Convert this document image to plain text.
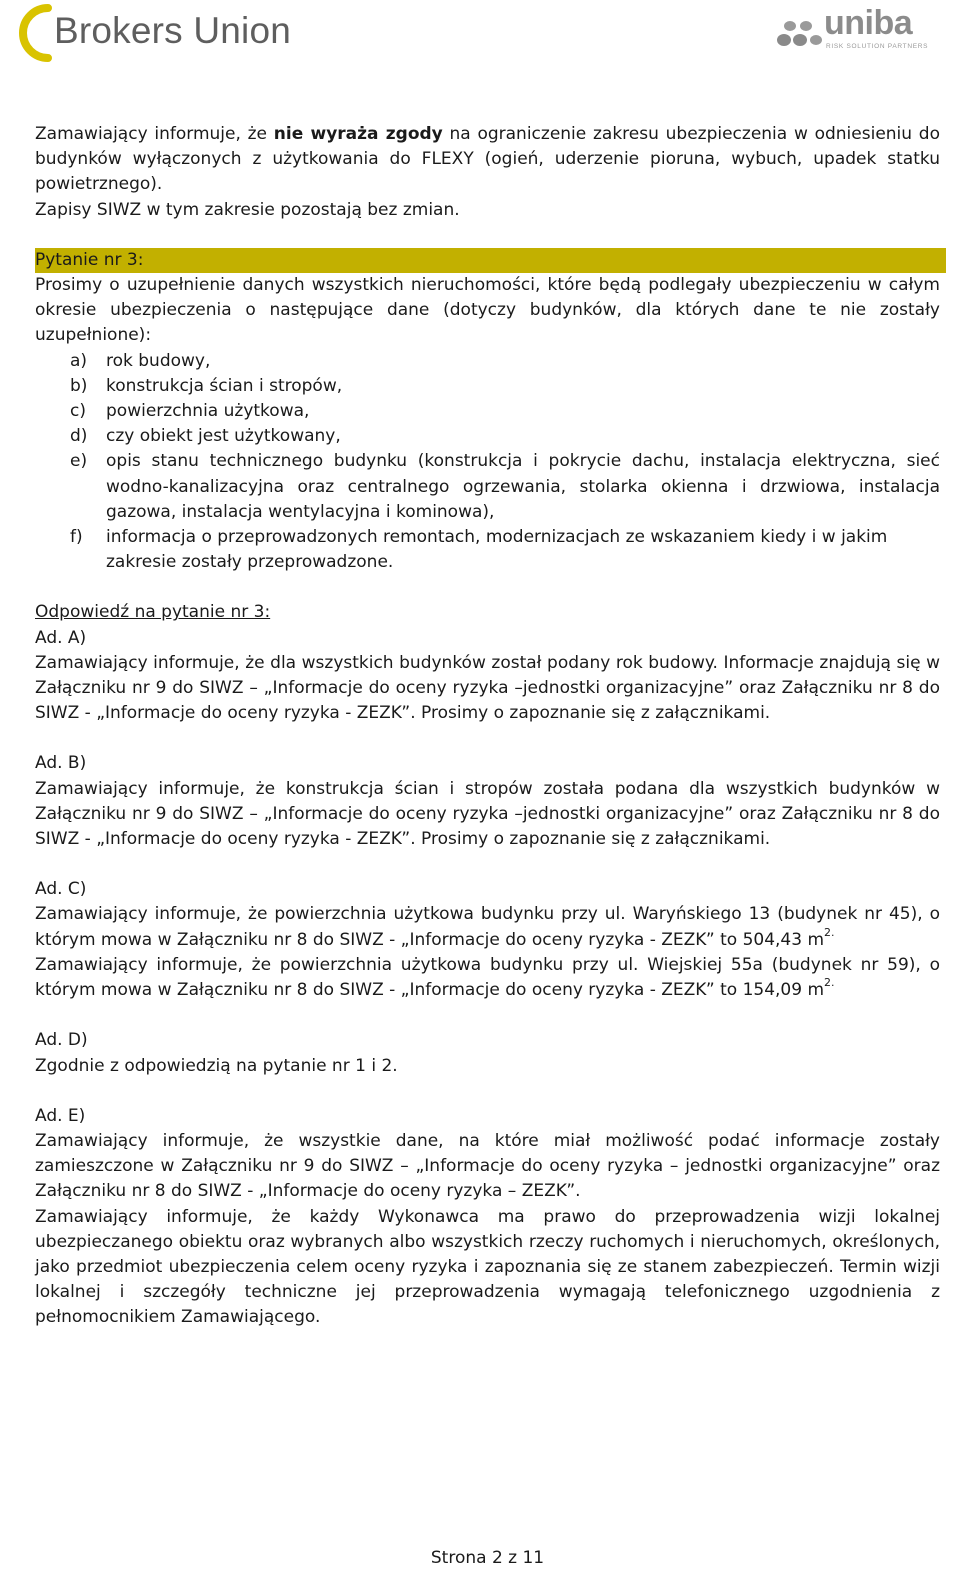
Brokers Union	uniba
RISK SOLUTION PARTNERS

Zamawiający informuje, że nie wyraża zgody na ograniczenie zakresu ubezpieczenia w odniesieniu do budynków wyłączonych z użytkowania do FLEXY (ogień, uderzenie pioruna, wybuch, upadek statku powietrznego).

Zapisy SIWZ w tym zakresie pozostają bez zmian.

Pytanie nr 3:

Prosimy o uzupełnienie danych wszystkich nieruchomości, które będą podlegały ubezpieczeniu w całym okresie ubezpieczenia o następujące dane (dotyczy budynków, dla których dane te nie zostały uzupełnione):

a) rok budowy,
b) konstrukcja ścian i stropów,
c) powierzchnia użytkowa,
d) czy obiekt jest użytkowany,
e) opis stanu technicznego budynku (konstrukcja i pokrycie dachu, instalacja elektryczna, sieć wodno-kanalizacyjna oraz centralnego ogrzewania, stolarka okienna i drzwiowa, instalacja gazowa, instalacja wentylacyjna i kominowa),
f) informacja o przeprowadzonych remontach, modernizacjach ze wskazaniem kiedy i w jakim zakresie zostały przeprowadzone.

Odpowiedź na pytanie nr 3:

Ad. A)

Zamawiający informuje, że dla wszystkich budynków został podany rok budowy. Informacje znajdują się w Załączniku nr 9 do SIWZ – „Informacje do oceny ryzyka –jednostki organizacyjne” oraz Załączniku nr 8 do SIWZ - „Informacje do oceny ryzyka - ZEZK”. Prosimy o zapoznanie się z załącznikami.

Ad. B)

Zamawiający informuje, że konstrukcja ścian i stropów została podana dla wszystkich budynków w Załączniku nr 9 do SIWZ – „Informacje do oceny ryzyka –jednostki organizacyjne” oraz Załączniku nr 8 do SIWZ - „Informacje do oceny ryzyka - ZEZK”. Prosimy o zapoznanie się z załącznikami.

Ad. C)

Zamawiający informuje, że powierzchnia użytkowa budynku przy ul. Waryńskiego 13 (budynek nr 45), o którym mowa w Załączniku nr 8 do SIWZ - „Informacje do oceny ryzyka - ZEZK” to 504,43 $m^{2.}$

Zamawiający informuje, że powierzchnia użytkowa budynku przy ul. Wiejskiej 55a (budynek nr 59), o którym mowa w Załączniku nr 8 do SIWZ - „Informacje do oceny ryzyka - ZEZK” to 154,09 $m^{2.}$

Ad. D)

Zgodnie z odpowiedzią na pytanie nr 1 i 2.

Ad. E)

Zamawiający informuje, że wszystkie dane, na które miał możliwość podać informacje zostały zamieszczone w Załączniku nr 9 do SIWZ – „Informacje do oceny ryzyka – jednostki organizacyjne” oraz Załączniku nr 8 do SIWZ - „Informacje do oceny ryzyka – ZEZK”.

Zamawiający informuje, że każdy Wykonawca ma prawo do przeprowadzenia wizji lokalnej ubezpieczanego obiektu oraz wybranych albo wszystkich rzeczy ruchomych i nieruchomych, określonych, jako przedmiot ubezpieczenia celem oceny ryzyka i zapoznania się ze stanem zabezpieczeń. Termin wizji lokalnej i szczegóły techniczne jej przeprowadzenia wymagają telefonicznego uzgodnienia z pełnomocnikiem Zamawiającego.

Strona 2 z 11
